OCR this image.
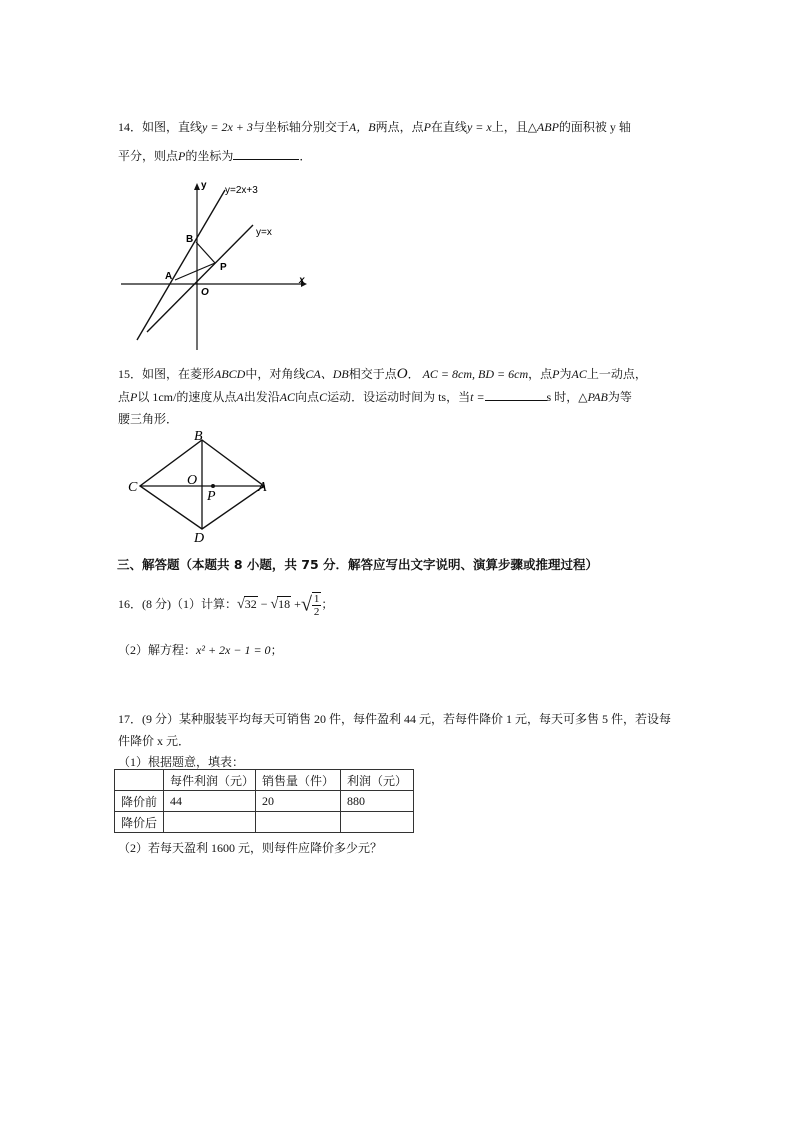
14．如图，直线y = 2x + 3与坐标轴分别交于A，B两点，点P在直线y = x上，且△ABP的面积被 y 轴
平分，则点P的坐标为	．
y
x
y=2x+3
y=x
B
A
P
O
15．如图，在菱形ABCD中，对角线CA、DB相交于点O． AC = 8cm, BD = 6cm，点P为AC上一动点，
点P以 1cm/的速度从点A出发沿AC向点C运动．设运动时间为 ts，当t =	s 时，△PAB为等
腰三角形．
B
C	O
P
A
D
三、解答题（本题共 8 小题，共 75 分．解答应写出文字说明、演算步骤或推理过程）
16．(8 分)（1）计算：√32 − √18 +√ $\frac{1}{2}$ ；
（2）解方程：x² + 2x − 1 = 0；
17．(9 分）某种服装平均每天可销售 20 件，每件盈利 44 元，若每件降价 1 元，每天可多售 5 件，若设每
件降价 x 元．
（1）根据题意，填表：
	每件利润（元）	销售量（件）	利润（元）
降价前	44	20	880
降价后			
（2）若每天盈利 1600 元，则每件应降价多少元？
